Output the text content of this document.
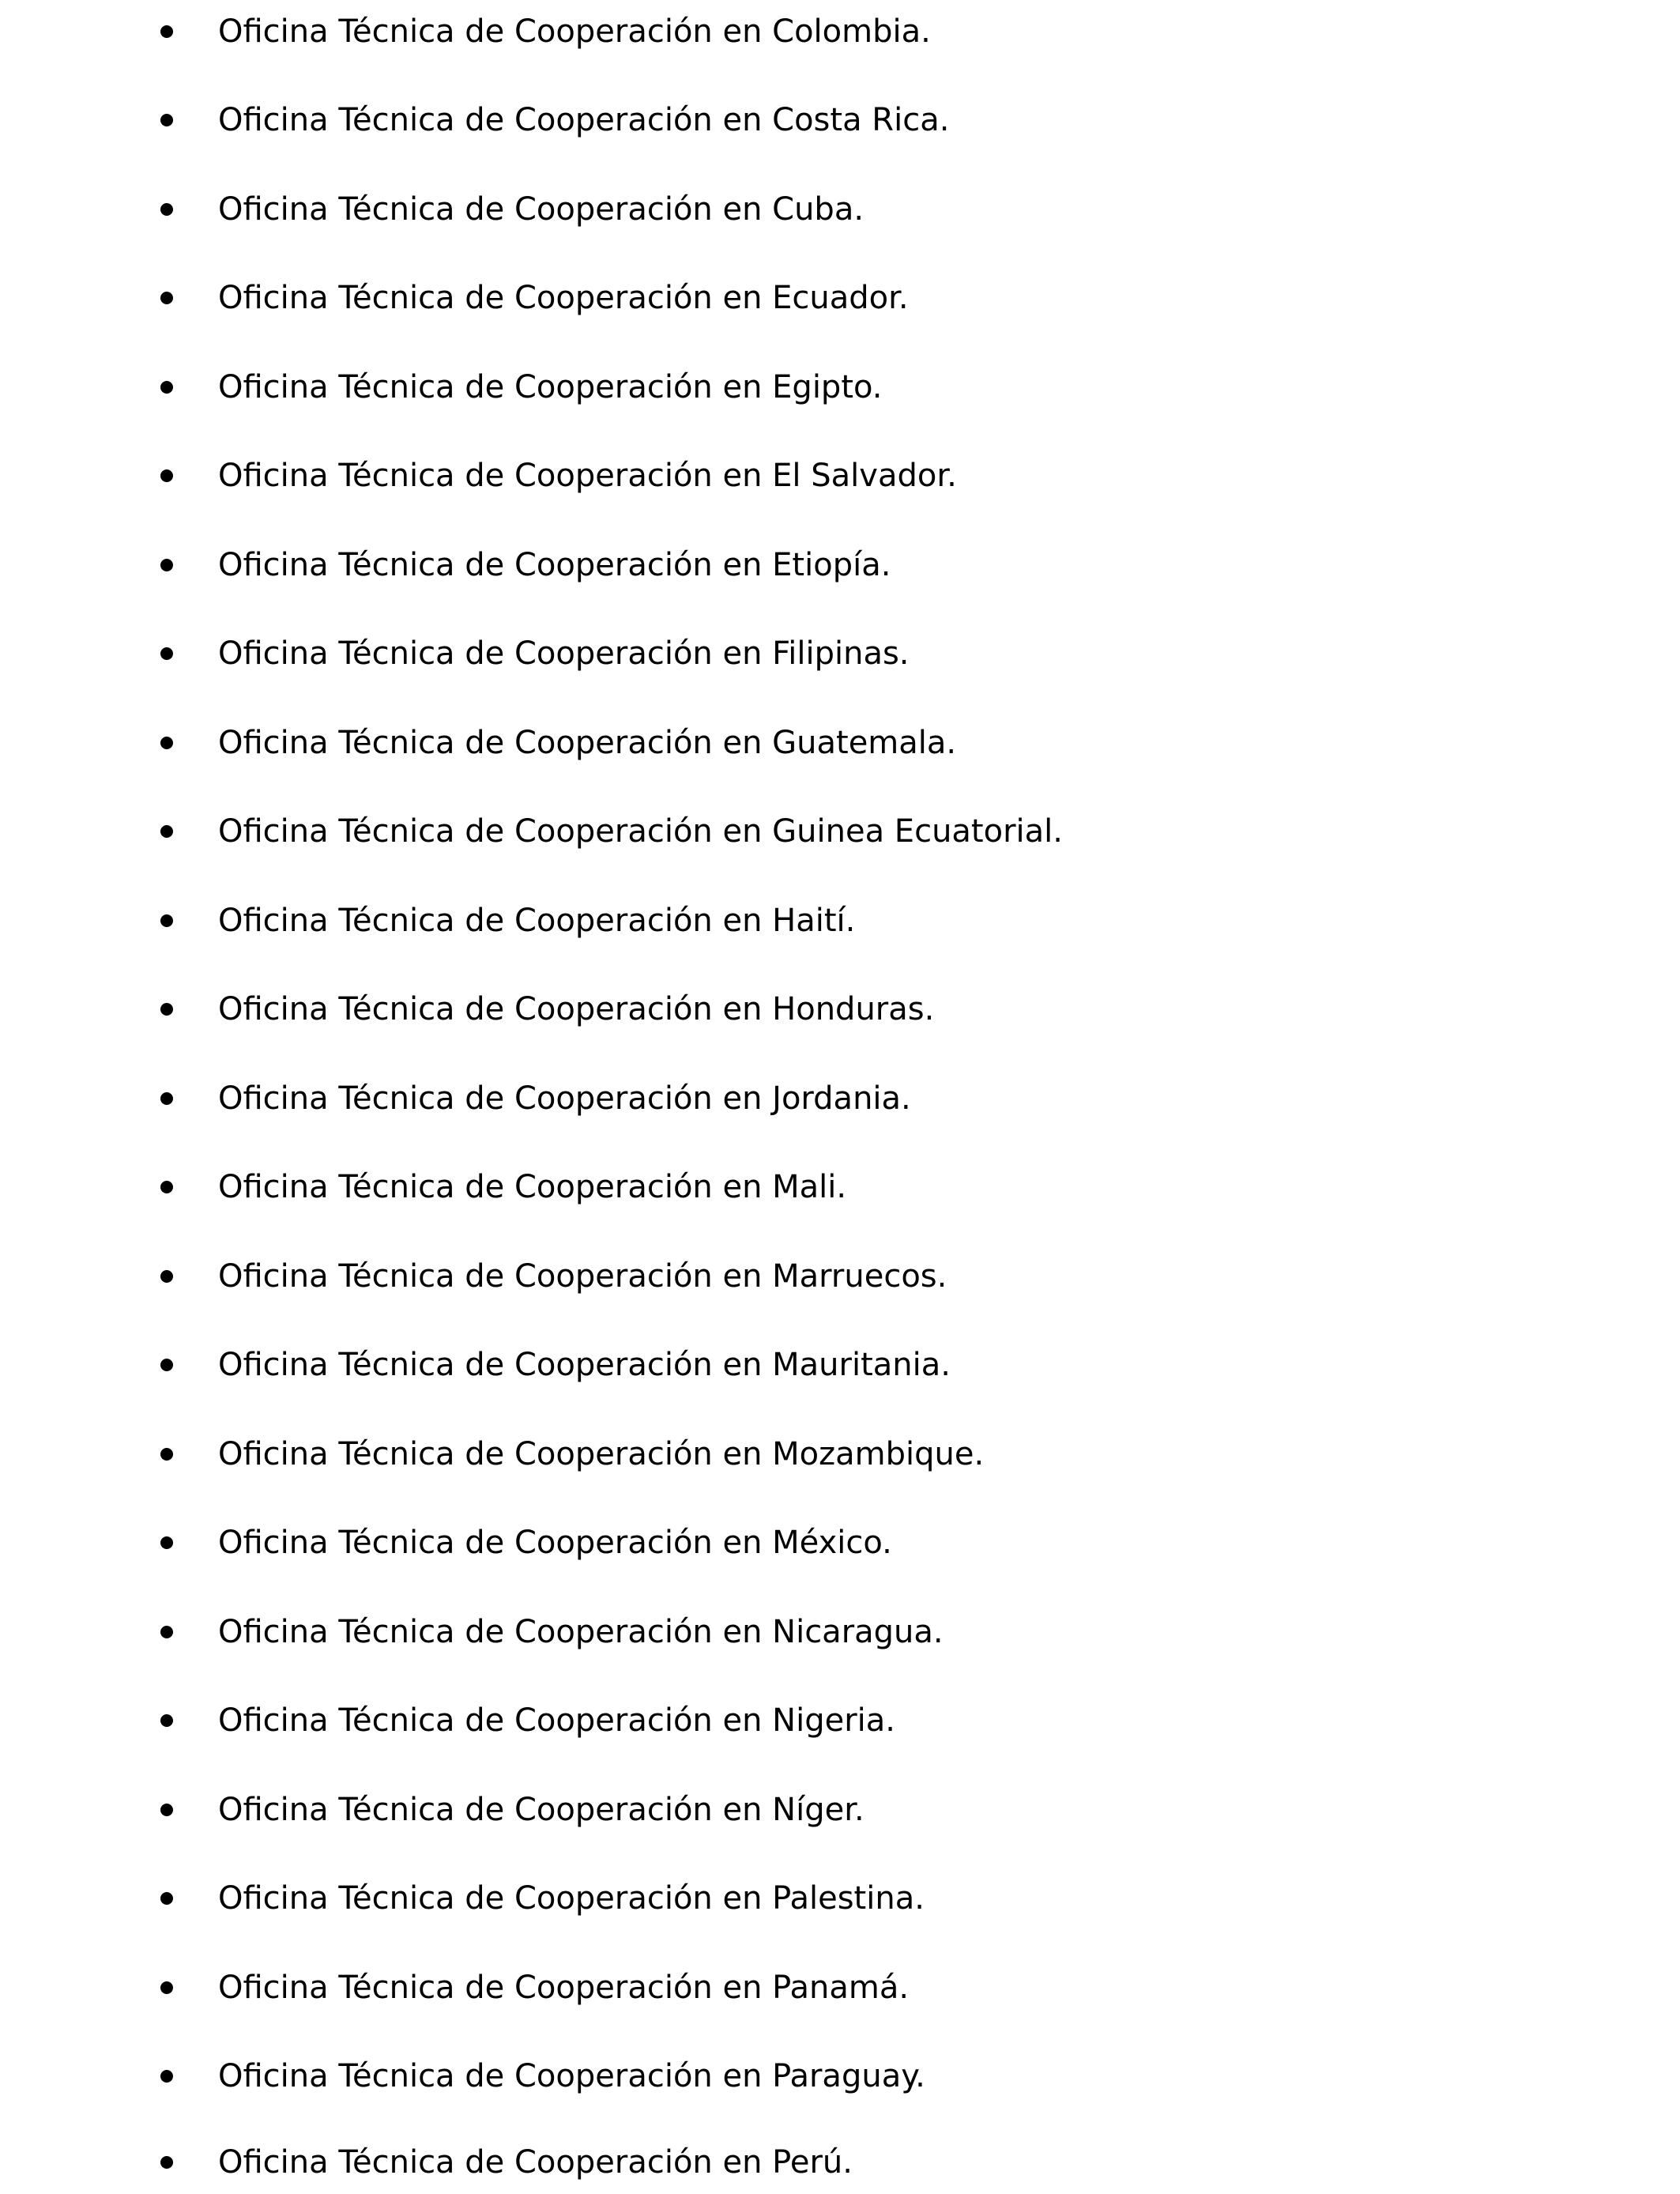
Oficina Técnica de Cooperación en Colombia.
Oficina Técnica de Cooperación en Costa Rica.
Oficina Técnica de Cooperación en Cuba.
Oficina Técnica de Cooperación en Ecuador.
Oficina Técnica de Cooperación en Egipto.
Oficina Técnica de Cooperación en El Salvador.
Oficina Técnica de Cooperación en Etiopía.
Oficina Técnica de Cooperación en Filipinas.
Oficina Técnica de Cooperación en Guatemala.
Oficina Técnica de Cooperación en Guinea Ecuatorial.
Oficina Técnica de Cooperación en Haití.
Oficina Técnica de Cooperación en Honduras.
Oficina Técnica de Cooperación en Jordania.
Oficina Técnica de Cooperación en Mali.
Oficina Técnica de Cooperación en Marruecos.
Oficina Técnica de Cooperación en Mauritania.
Oficina Técnica de Cooperación en Mozambique.
Oficina Técnica de Cooperación en México.
Oficina Técnica de Cooperación en Nicaragua.
Oficina Técnica de Cooperación en Nigeria.
Oficina Técnica de Cooperación en Níger.
Oficina Técnica de Cooperación en Palestina.
Oficina Técnica de Cooperación en Panamá.
Oficina Técnica de Cooperación en Paraguay.
Oficina Técnica de Cooperación en Perú.
